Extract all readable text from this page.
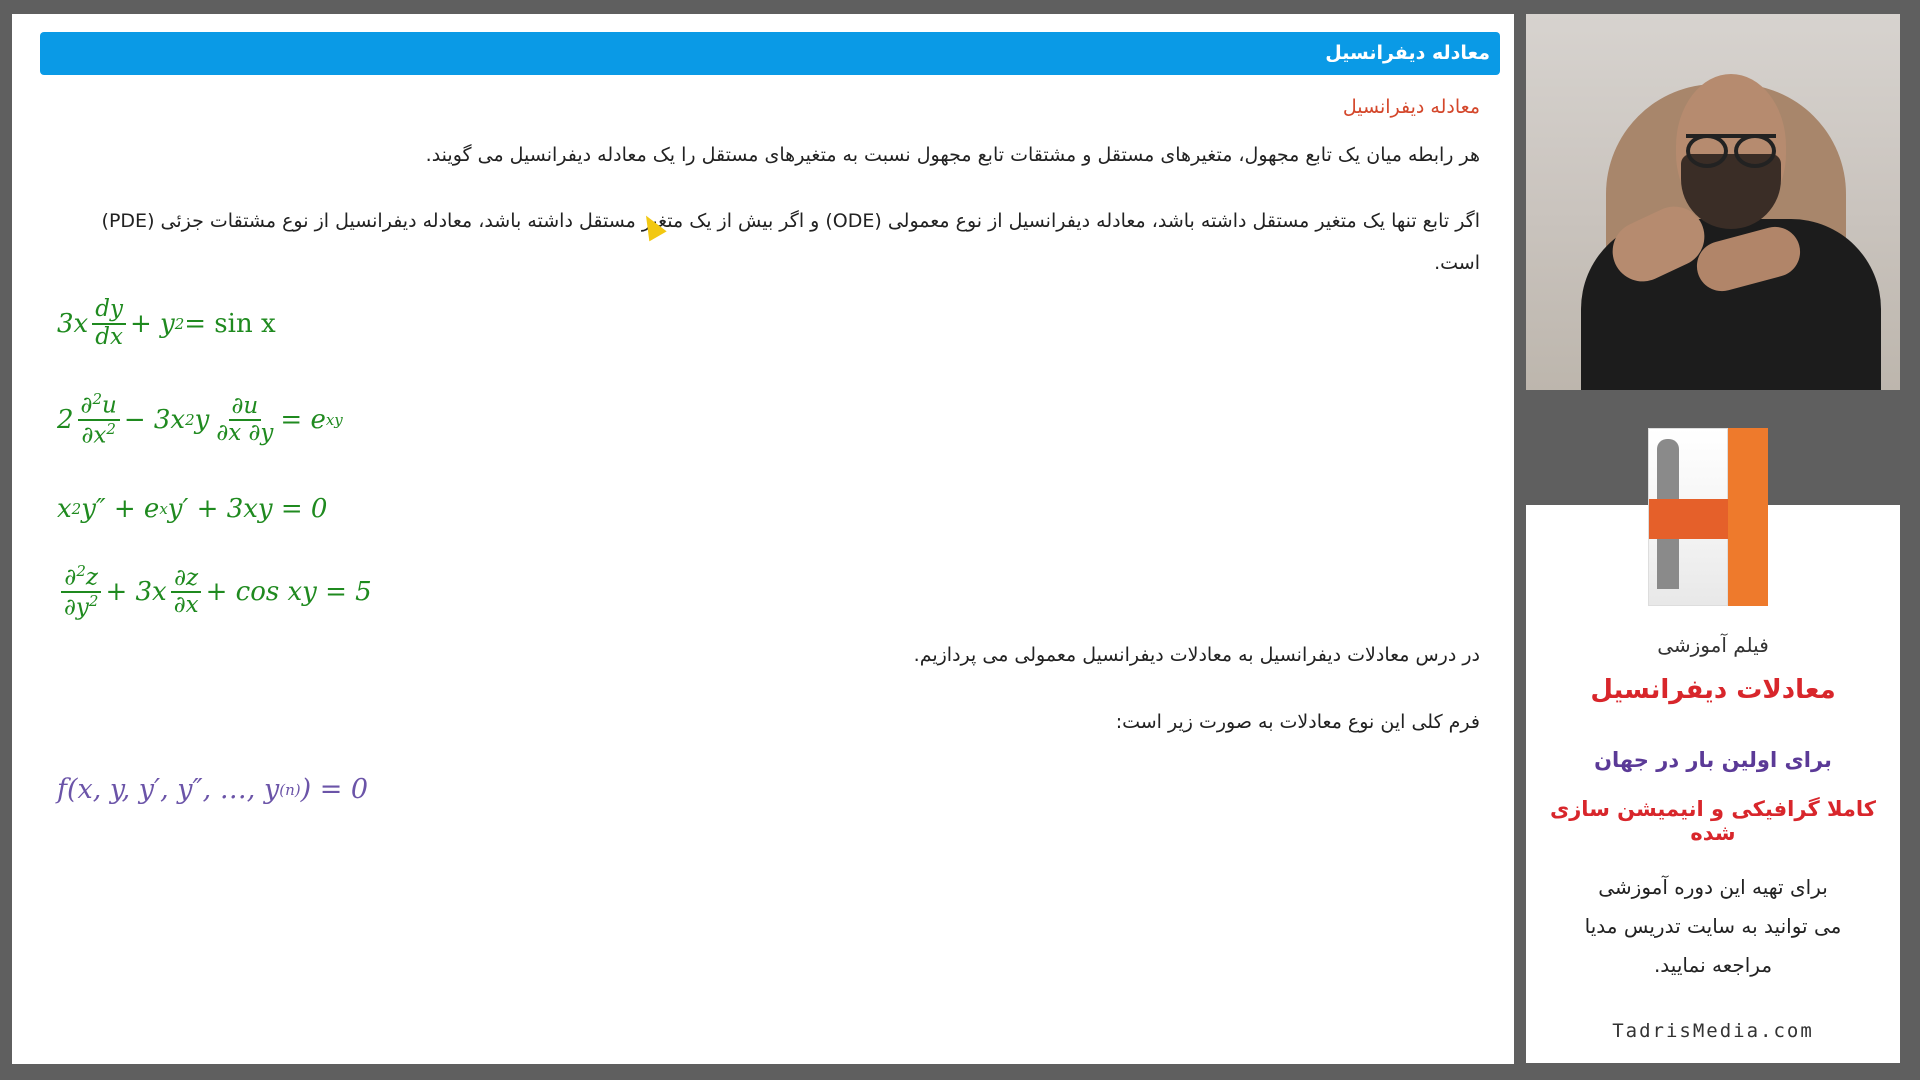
معادله دیفرانسیل
معادله دیفرانسیل
هر رابطه میان یک تابع مجهول، متغیرهای مستقل و مشتقات تابع مجهول نسبت به متغیرهای مستقل را یک معادله دیفرانسیل می گویند.
اگر تابع تنها یک متغیر مستقل داشته باشد، معادله دیفرانسیل از نوع معمولی (ODE) و اگر بیش از یک متغیر مستقل داشته باشد، معادله دیفرانسیل از نوع مشتقات جزئی (PDE) است.
$3x \frac{dy}{dx} + y$ 2 = sin x
$2 \frac{\partial^2u}{\partial x^2} - 3x$ 2 y $\frac{\partial u}{\partial x \partial y} = e$ xy
x 2 y″ + e x y′ + 3xy = 0
$\frac{\partial^2z}{\partial y^2} + 3x \frac{\partial z}{\partial x} + \cos$ xy = 5
در درس معادلات دیفرانسیل به معادلات دیفرانسیل معمولی می پردازیم.
فرم کلی این نوع معادلات به صورت زیر است:
f(x, y, y′, y″, …, y (n) ) = 0
فیلم آموزشی
معادلات دیفرانسیل
برای اولین بار در جهان
کاملا گرافیکی و انیمیشن سازی شده
برای تهیه این دوره آموزشی
می توانید به سایت تدریس مدیا
مراجعه نمایید.
TadrisMedia.com
